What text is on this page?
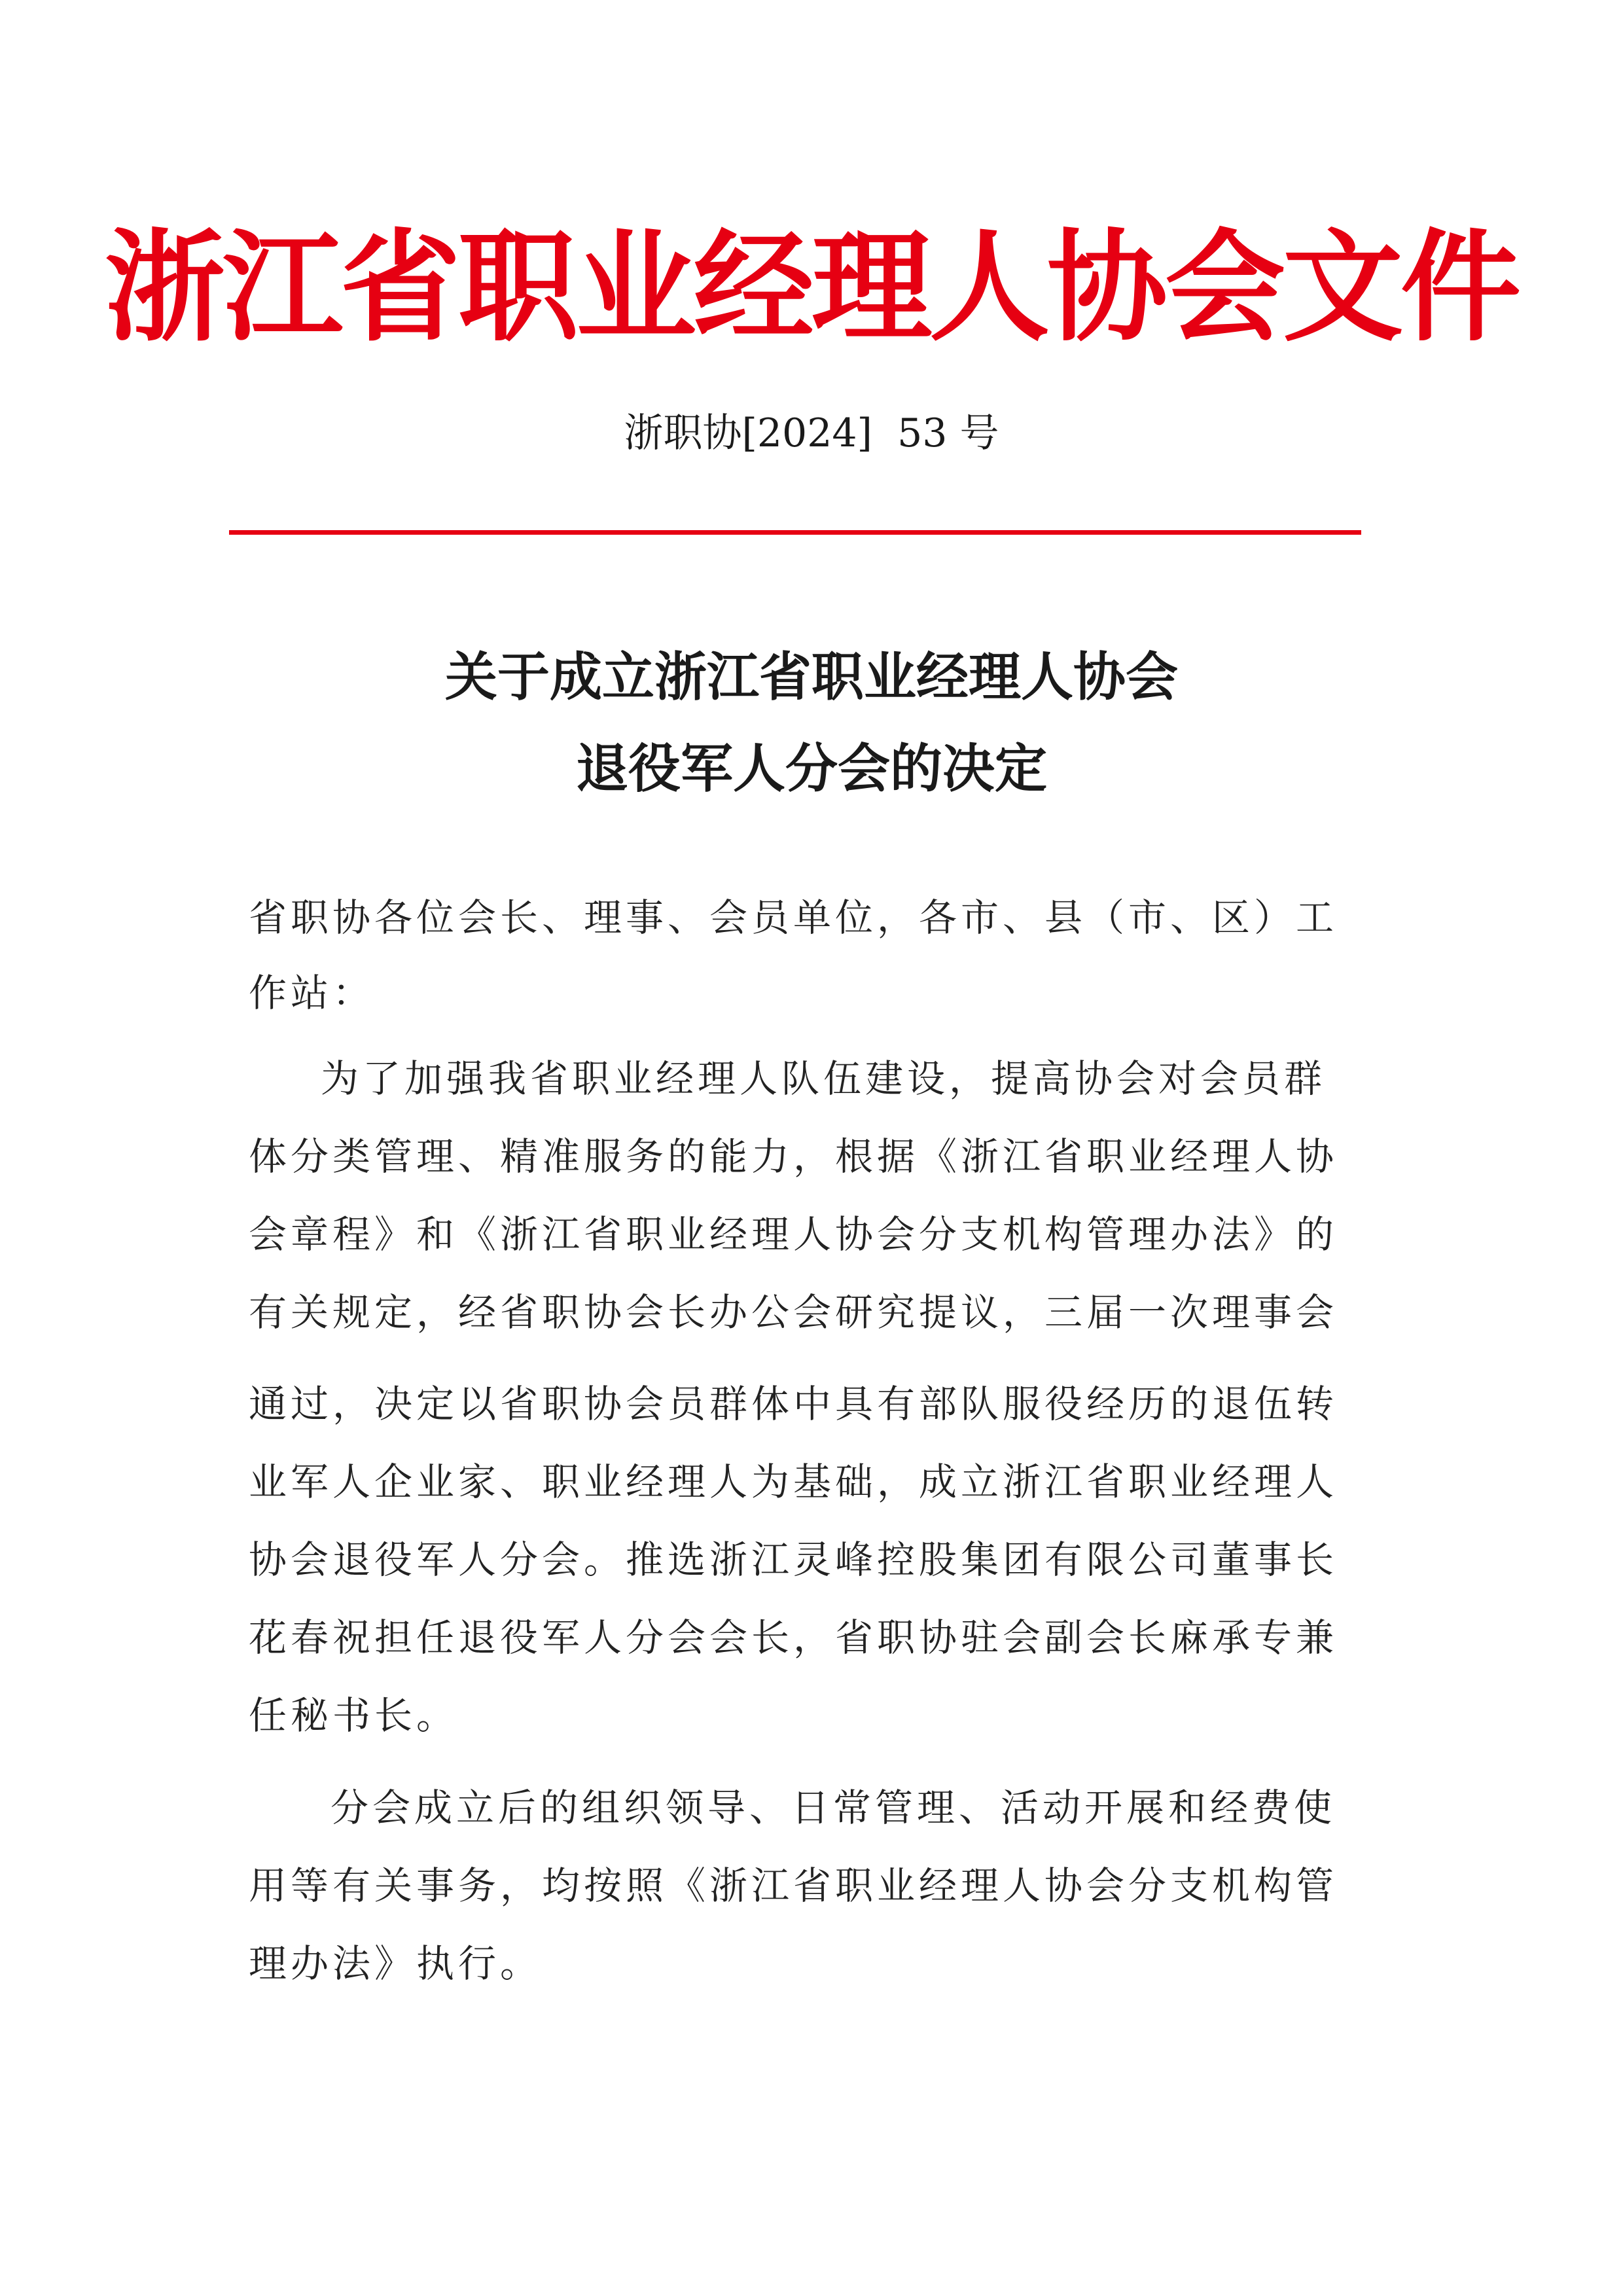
浙江省职业经理人协会文件
浙职协[2024]  53 号
关于成立浙江省职业经理人协会
退役军人分会的决定
省职协各位会长、理事、会员单位，各市、县（市、区）工
作站：
为了加强我省职业经理人队伍建设，提高协会对会员群
体分类管理、精准服务的能力，根据《浙江省职业经理人协
会章程》和《浙江省职业经理人协会分支机构管理办法》的
有关规定，经省职协会长办公会研究提议，三届一次理事会
通过，决定以省职协会员群体中具有部队服役经历的退伍转
业军人企业家、职业经理人为基础，成立浙江省职业经理人
协会退役军人分会。推选浙江灵峰控股集团有限公司董事长
花春祝担任退役军人分会会长，省职协驻会副会长麻承专兼
任秘书长。
分会成立后的组织领导、日常管理、活动开展和经费使
用等有关事务，均按照《浙江省职业经理人协会分支机构管
理办法》执行。
